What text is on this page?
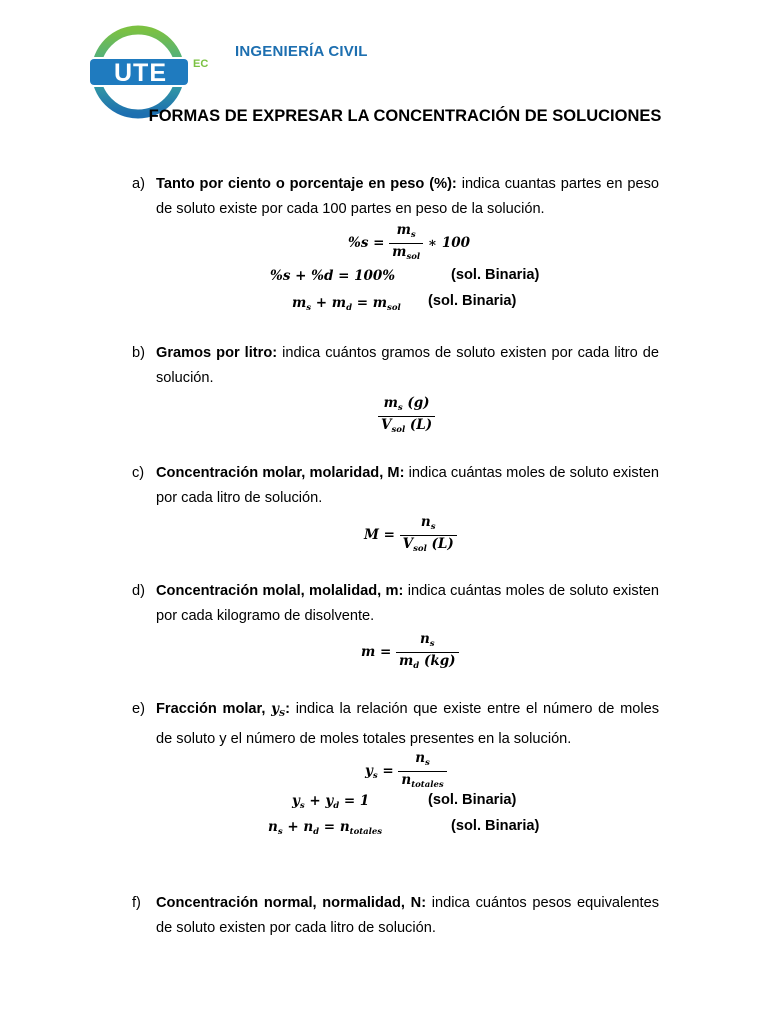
UTE EC
INGENIERÍA CIVIL
FORMAS DE EXPRESAR LA CONCENTRACIÓN DE SOLUCIONES
a) Tanto por ciento o porcentaje en peso (%): indica cuantas partes en peso de soluto existe por cada 100 partes en peso de la solución.
$\%s = \frac{m_s}{m_{sol}}$ ∗ 100
%s + %d = 100%	(sol. Binaria)
$m_s + m_d = m_{sol}$ (sol. Binaria)
b) Gramos por litro: indica cuántos gramos de soluto existen por cada litro de solución.
$\frac{m_s (g)}{V_{sol} (L)}$
c) Concentración molar, molaridad, M: indica cuántas moles de soluto existen por cada litro de solución.
$M = \frac{n_s}{V_{sol} (L)}$
d) Concentración molal, molalidad, m: indica cuántas moles de soluto existen por cada kilogramo de disolvente.
$m = \frac{n_s}{m_d (kg)}$
e) Fracción molar, $y_S$: indica la relación que existe entre el número de moles de soluto y el número de moles totales presentes en la solución.
$y_s = \frac{n_s}{n_{totales}}$
$y_s + y_d = 1$	(sol. Binaria)
$n_s + n_d = n_{totales}$	(sol. Binaria)
f) Concentración normal, normalidad, N: indica cuántos pesos equivalentes de soluto existen por cada litro de solución.
